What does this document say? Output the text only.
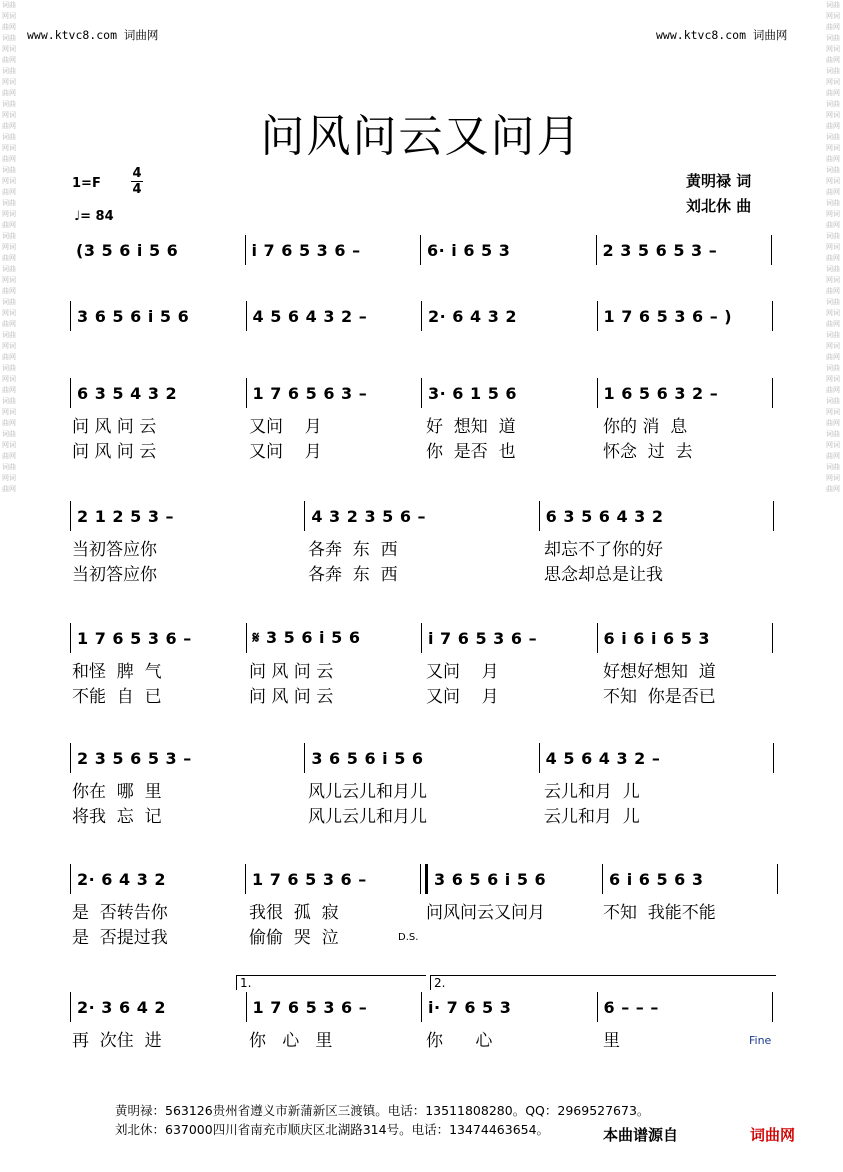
词曲网词曲网词曲网词曲网词曲网词曲网词曲网词曲网词曲网词曲网词曲网词曲网词曲网词曲网词曲网词曲网词曲网词曲网词曲网词曲网词曲网词曲网词曲网词曲网词曲网词曲网词曲网词曲网词曲网词曲网
词曲网词曲网词曲网词曲网词曲网词曲网词曲网词曲网词曲网词曲网词曲网词曲网词曲网词曲网词曲网词曲网词曲网词曲网词曲网词曲网词曲网词曲网词曲网词曲网词曲网词曲网词曲网词曲网词曲网词曲网
www.ktvc8.com 词曲网	www.ktvc8.com 词曲网
问风问云又问月
1=F
4
4
♩= 84
黄明禄 词
刘北休 曲
(3 5 6 i 5 6	i 7 6 5 3 6 –	6· i 6 5 3	2 3 5 6 5 3 –
3 6 5 6 i 5 6	4 5 6 4 3 2 –	2· 6 4 3 2	1 7 6 5 3 6 – )
6 3 5 4 3 2	1 7 6 5 6 3 –	3· 6 1 5 6	1 6 5 6 3 2 –
问 风 问 云	又问    月	好  想知  道	你的 消  息
问 风 问 云	又问    月	你  是否  也	怀念  过  去
2 1 2 5 3 –	4 3 2 3 5 6 –	6 3 5 6 4 3 2
当初答应你	各奔  东  西	却忘不了你的好
当初答应你	各奔  东  西	思念却总是让我
1 7 6 5 3 6 –	𝄋 3 5 6 i 5 6	i 7 6 5 3 6 –	6 i 6 i 6 5 3
和怪  脾  气	问 风 问 云	又问    月	好想好想知  道
不能  自  已	问 风 问 云	又问    月	不知  你是否已
2 3 5 6 5 3 –	3 6 5 6 i 5 6	4 5 6 4 3 2 –
你在  哪  里	风儿云儿和月儿	云儿和月  儿
将我  忘  记	风儿云儿和月儿	云儿和月  儿
2· 6 4 3 2	1 7 6 5 3 6 –	3 6 5 6 i 5 6	6 i 6 5 6 3
是  否转告你	我很  孤  寂	问风问云又问月	不知  我能不能
是  否提过我	偷偷  哭  泣
2· 3 6 4 2	1 7 6 5 3 6 –	i· 7 6 5 3	6 – – –
再  次住  进	你   心   里	你      心	里
D.S.
Fine
1.	2.
黄明禄：563126贵州省遵义市新蒲新区三渡镇。电话：13511808280。QQ：2969527673。
刘北休：637000四川省南充市顺庆区北湖路314号。电话：13474463654。	本曲谱源自	词曲网
